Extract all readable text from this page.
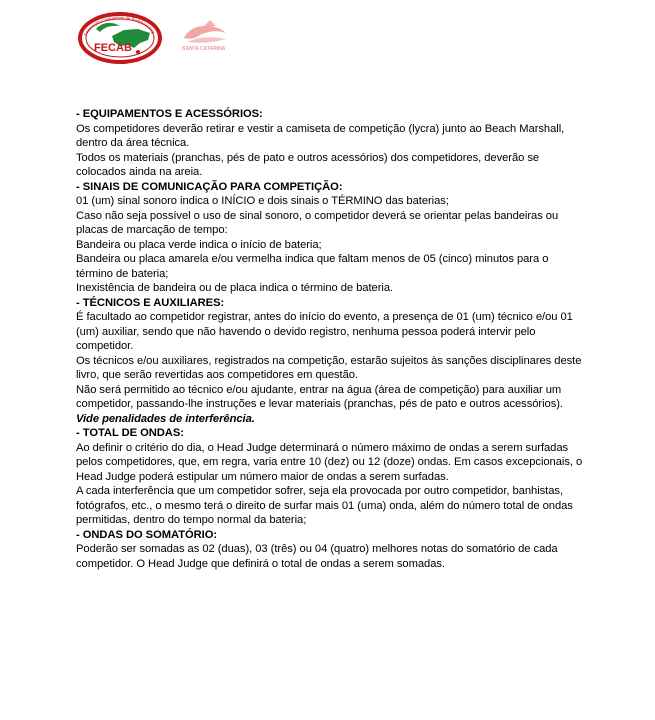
Federação Catarinense de Bodyboarding
FECAB	SANTA CATARINA

- EQUIPAMENTOS E ACESSÓRIOS:

Os competidores deverão retirar e vestir a camiseta de competição (lycra) junto ao Beach Marshall, dentro da área técnica.

Todos os materiais (pranchas, pés de pato e outros acessórios) dos competidores, deverão se colocados ainda na areia.

- SINAIS DE COMUNICAÇÃO PARA COMPETIÇÃO:

01 (um) sinal sonoro indica o INÍCIO e dois sinais o TÉRMINO das baterias;

Caso não seja possível o uso de sinal sonoro, o competidor deverá se orientar pelas bandeiras ou placas de marcação de tempo:

Bandeira ou placa verde indica o início de bateria;

Bandeira ou placa amarela e/ou vermelha indica que faltam menos de 05 (cinco) minutos para o término de bateria;

Inexistência de bandeira ou de placa indica o término de bateria.

- TÉCNICOS E AUXILIARES:

É facultado ao competidor registrar, antes do início do evento, a presença de 01 (um) técnico e/ou 01 (um) auxiliar, sendo que não havendo o devido registro, nenhuma pessoa poderá intervir pelo competidor.

Os técnicos e/ou auxiliares, registrados na competição, estarão sujeitos às sanções disciplinares deste livro, que serão revertidas aos competidores em questão.

Não será permitido ao técnico e/ou ajudante, entrar na água (área de competição) para auxiliar um competidor, passando-lhe instruções e levar materiais (pranchas, pés de pato e outros acessórios). Vide penalidades de interferência.

- TOTAL DE ONDAS:

Ao definir o critério do dia, o Head Judge determinará o número máximo de ondas a serem surfadas pelos competidores, que, em regra, varia entre 10 (dez) ou 12 (doze) ondas. Em casos excepcionais, o Head Judge poderá estipular um número maior de ondas a serem surfadas.

A cada interferência que um competidor sofrer, seja ela provocada por outro competidor, banhistas, fotógrafos, etc., o mesmo terá o direito de surfar mais 01 (uma) onda, além do número total de ondas permitidas, dentro do tempo normal da bateria;

- ONDAS DO SOMATÓRIO:

Poderão ser somadas as 02 (duas), 03 (três) ou 04 (quatro) melhores notas do somatório de cada competidor. O Head Judge que definirá o total de ondas a serem somadas.
